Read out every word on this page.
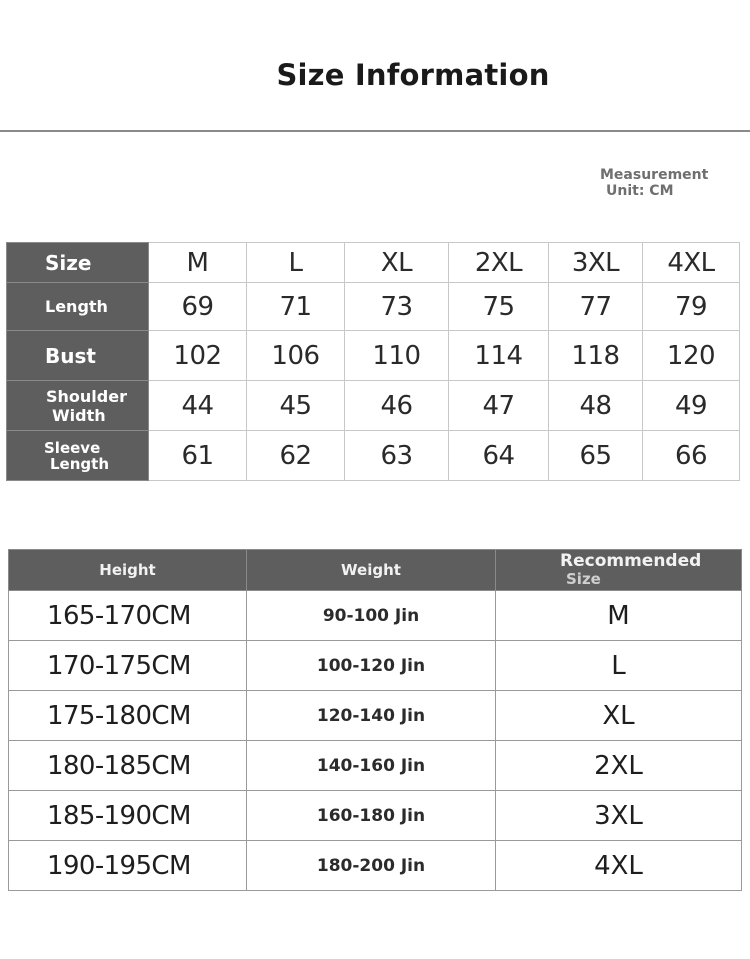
Size Information
Measurement
Unit: CM
Size	M	L	XL	2XL	3XL	4XL
Length	69	71	73	75	77	79
Bust	102	106	110	114	118	120
Shoulder
Width	44	45	46	47	48	49
Sleeve
Length	61	62	63	64	65	66
Height	Weight	Recommended
Size
165-170CM	90-100 Jin	M
170-175CM	100-120 Jin	L
175-180CM	120-140 Jin	XL
180-185CM	140-160 Jin	2XL
185-190CM	160-180 Jin	3XL
190-195CM	180-200 Jin	4XL
